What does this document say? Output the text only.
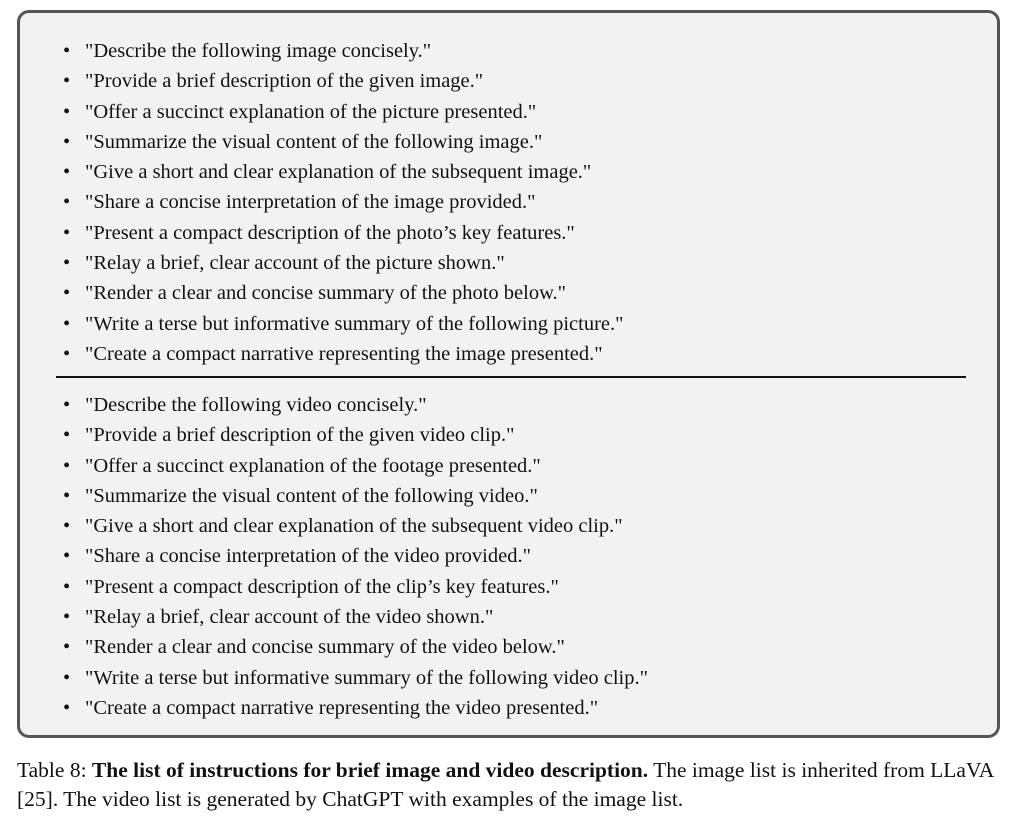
• "Describe the following image concisely."
• "Provide a brief description of the given image."
• "Offer a succinct explanation of the picture presented."
• "Summarize the visual content of the following image."
• "Give a short and clear explanation of the subsequent image."
• "Share a concise interpretation of the image provided."
• "Present a compact description of the photo’s key features."
• "Relay a brief, clear account of the picture shown."
• "Render a clear and concise summary of the photo below."
• "Write a terse but informative summary of the following picture."
• "Create a compact narrative representing the image presented."
• "Describe the following video concisely."
• "Provide a brief description of the given video clip."
• "Offer a succinct explanation of the footage presented."
• "Summarize the visual content of the following video."
• "Give a short and clear explanation of the subsequent video clip."
• "Share a concise interpretation of the video provided."
• "Present a compact description of the clip’s key features."
• "Relay a brief, clear account of the video shown."
• "Render a clear and concise summary of the video below."
• "Write a terse but informative summary of the following video clip."
• "Create a compact narrative representing the video presented."
Table 8: The list of instructions for brief image and video description. The image list is inherited from LLaVA [25]. The video list is generated by ChatGPT with examples of the image list.
